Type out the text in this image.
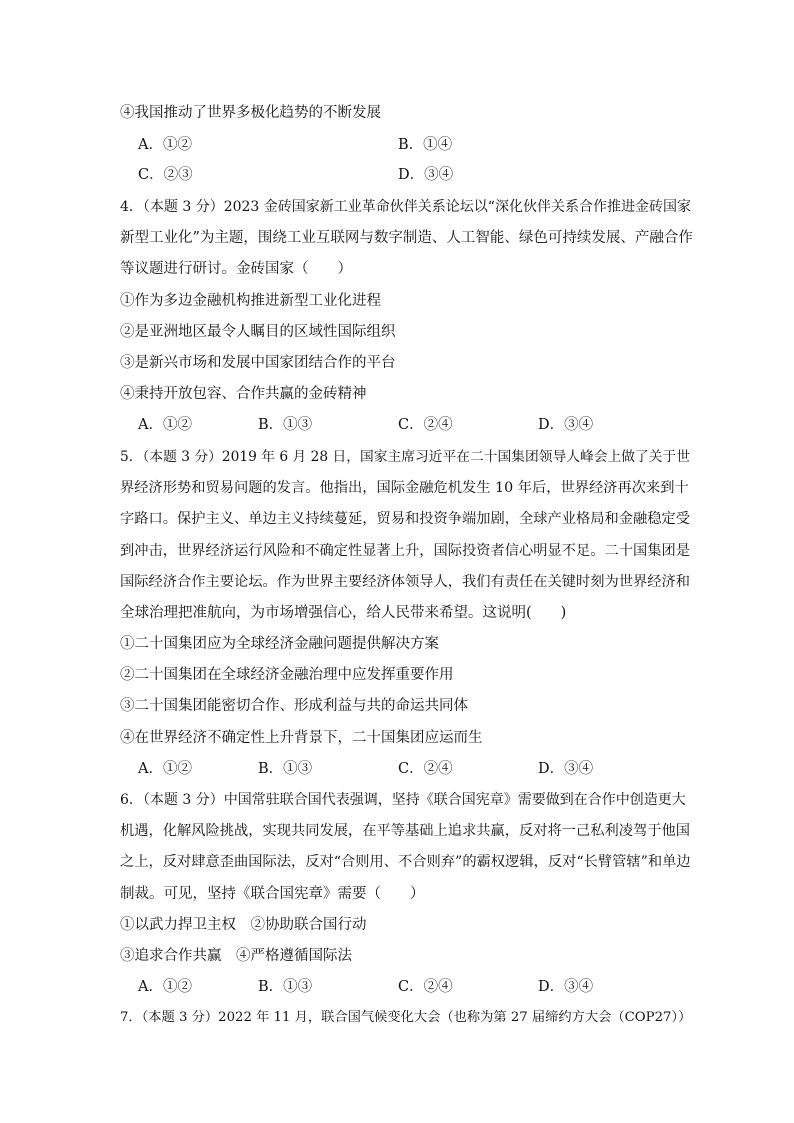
④我国推动了世界多极化趋势的不断发展
A．①②	B．①④
C．②③	D．③④
4．（本题 3 分）2023 金砖国家新工业革命伙伴关系论坛以“深化伙伴关系合作推进金砖国家
新型工业化”为主题，围绕工业互联网与数字制造、人工智能、绿色可持续发展、产融合作
等议题进行研讨。金砖国家（　　）
①作为多边金融机构推进新型工业化进程
②是亚洲地区最令人瞩目的区域性国际组织
③是新兴市场和发展中国家团结合作的平台
④秉持开放包容、合作共赢的金砖精神
A．①②	B．①③	C．②④	D．③④
5．（本题 3 分）2019 年 6 月 28 日，国家主席习近平在二十国集团领导人峰会上做了关于世
界经济形势和贸易问题的发言。他指出，国际金融危机发生 10 年后，世界经济再次来到十
字路口。保护主义、单边主义持续蔓延，贸易和投资争端加剧，全球产业格局和金融稳定受
到冲击，世界经济运行风险和不确定性显著上升，国际投资者信心明显不足。二十国集团是
国际经济合作主要论坛。作为世界主要经济体领导人，我们有责任在关键时刻为世界经济和
全球治理把准航向，为市场增强信心，给人民带来希望。这说明(　　)
①二十国集团应为全球经济金融问题提供解决方案
②二十国集团在全球经济金融治理中应发挥重要作用
③二十国集团能密切合作、形成利益与共的命运共同体
④在世界经济不确定性上升背景下，二十国集团应运而生
A．①②	B．①③	C．②④	D．③④
6．（本题 3 分）中国常驻联合国代表强调，坚持《联合国宪章》需要做到在合作中创造更大
机遇，化解风险挑战，实现共同发展，在平等基础上追求共赢，反对将一己私利凌驾于他国
之上，反对肆意歪曲国际法，反对“合则用、不合则弃”的霸权逻辑，反对“长臂管辖”和单边
制裁。可见，坚持《联合国宪章》需要（　　）
①以武力捍卫主权　②协助联合国行动
③追求合作共赢　④严格遵循国际法
A．①②	B．①③	C．②④	D．③④
7．（本题 3 分）2022 年 11 月，联合国气候变化大会（也称为第 27 届缔约方大会（COP27））
